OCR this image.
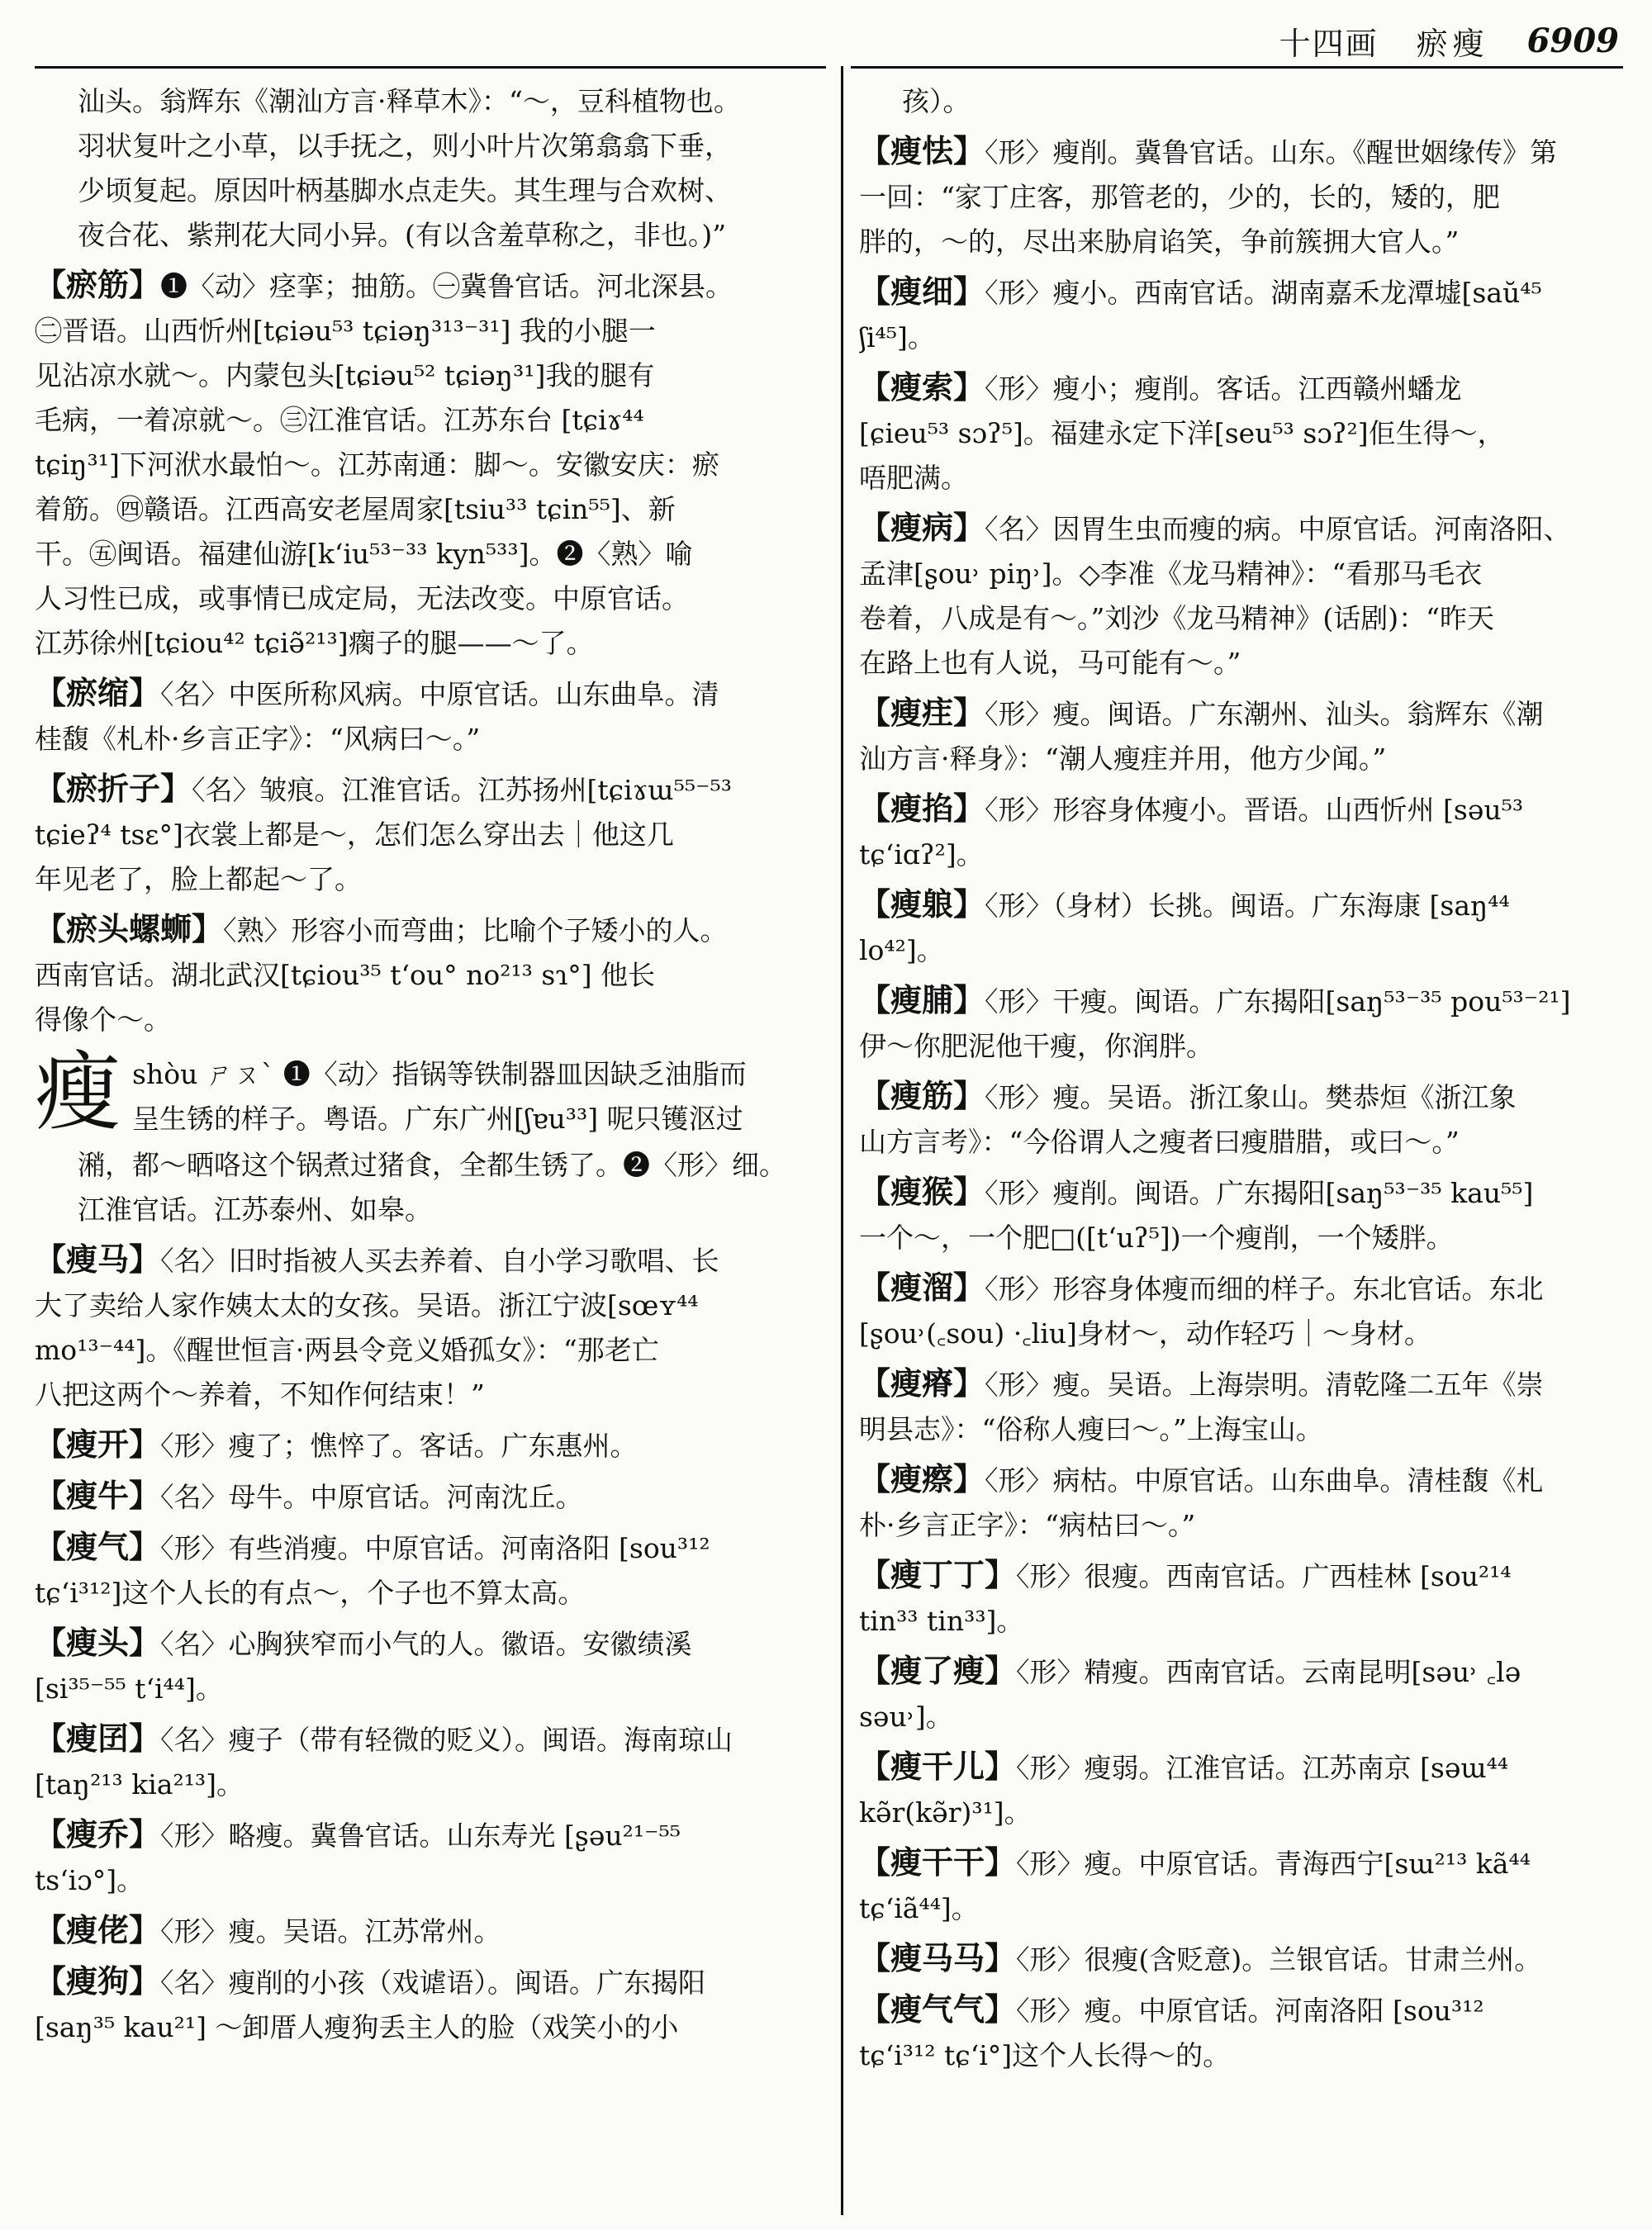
十四画 瘀瘦 6909
汕头。翁辉东《潮汕方言·释草木》：“～，豆科植物也。
羽状复叶之小草，以手抚之，则小叶片次第翕翕下垂，
少顷复起。原因叶柄基脚水点走失。其生理与合欢树、
夜合花、紫荆花大同小异。(有以含羞草称之，非也。)”
【瘀筋】❶〈动〉痉挛；抽筋。㊀冀鲁官话。河北深县。
㊁晋语。山西忻州[tɕiəu⁵³ tɕiəŋ³¹³⁻³¹] 我的小腿一
见沾凉水就～。内蒙包头[tɕiəu⁵² tɕiəŋ³¹]我的腿有
毛病，一着凉就～。㊂江淮官话。江苏东台 [tɕiɤ⁴⁴
tɕiŋ³¹]下河洑水最怕～。江苏南通：脚～。安徽安庆：瘀
着筋。㊃赣语。江西高安老屋周家[tsiu³³ tɕin⁵⁵]、新
干。㊄闽语。福建仙游[kʻiu⁵³⁻³³ kyn⁵³³]。❷〈熟〉喻
人习性已成，或事情已成定局，无法改变。中原官话。
江苏徐州[tɕiou⁴² tɕiə̃²¹³]瘸子的腿——～了。
【瘀缩】〈名〉中医所称风病。中原官话。山东曲阜。清
桂馥《札朴·乡言正字》：“风病曰～。”
【瘀折子】〈名〉皱痕。江淮官话。江苏扬州[tɕiɤɯ⁵⁵⁻⁵³
tɕieʔ⁴ tsɛ°]衣裳上都是～，怎们怎么穿出去｜他这几
年见老了，脸上都起～了。
【瘀头螺蛳】〈熟〉形容小而弯曲；比喻个子矮小的人。
西南官话。湖北武汉[tɕiou³⁵ tʻou° no²¹³ sɿ°] 他长
得像个～。
瘦 shòu ㄕㄡˋ ❶〈动〉指锅等铁制器皿因缺乏油脂而
呈生锈的样子。粤语。广东广州[ʃɐu³³] 呢只镬沤过
潲，都～晒咯这个锅煮过猪食，全都生锈了。❷〈形〉细。
江淮官话。江苏泰州、如皋。
【瘦马】〈名〉旧时指被人买去养着、自小学习歌唱、长
大了卖给人家作姨太太的女孩。吴语。浙江宁波[sœʏ⁴⁴
mo¹³⁻⁴⁴]。《醒世恒言·两县令竞义婚孤女》：“那老亡
八把这两个～养着，不知作何结束！”
【瘦开】〈形〉瘦了；憔悴了。客话。广东惠州。
【瘦牛】〈名〉母牛。中原官话。河南沈丘。
【瘦气】〈形〉有些消瘦。中原官话。河南洛阳 [sou³¹²
tɕʻi³¹²]这个人长的有点～，个子也不算太高。
【瘦头】〈名〉心胸狭窄而小气的人。徽语。安徽绩溪
[si³⁵⁻⁵⁵ tʻi⁴⁴]。
【瘦囝】〈名〉瘦子（带有轻微的贬义）。闽语。海南琼山
[taŋ²¹³ kia²¹³]。
【瘦乔】〈形〉略瘦。冀鲁官话。山东寿光 [ʂəu²¹⁻⁵⁵
tsʻiɔ°]。
【瘦佬】〈形〉瘦。吴语。江苏常州。
【瘦狗】〈名〉瘦削的小孩（戏谑语）。闽语。广东揭阳
[saŋ³⁵ kau²¹] ～卸厝人瘦狗丢主人的脸（戏笑小的小
孩）。
【瘦怯】〈形〉瘦削。冀鲁官话。山东。《醒世姻缘传》第
一回：“家丁庄客，那管老的，少的，长的，矮的，肥
胖的，～的，尽出来胁肩谄笑，争前簇拥大官人。”
【瘦细】〈形〉瘦小。西南官话。湖南嘉禾龙潭墟[saŭ⁴⁵
ʃi⁴⁵]。
【瘦索】〈形〉瘦小；瘦削。客话。江西赣州蟠龙
[ɕieu⁵³ sɔʔ⁵]。福建永定下洋[seu⁵³ sɔʔ²]佢生得～，
唔肥满。
【瘦病】〈名〉因胃生虫而瘦的病。中原官话。河南洛阳、
孟津[ʂou˒ piŋ˒]。◇李准《龙马精神》：“看那马毛衣
卷着，八成是有～。”刘沙《龙马精神》(话剧)：“昨天
在路上也有人说，马可能有～。”
【瘦疰】〈形〉瘦。闽语。广东潮州、汕头。翁辉东《潮
汕方言·释身》：“潮人瘦疰并用，他方少闻。”
【瘦掐】〈形〉形容身体瘦小。晋语。山西忻州 [səu⁵³
tɕʻiɑʔ²]。
【瘦躴】〈形〉（身材）长挑。闽语。广东海康 [saŋ⁴⁴
lo⁴²]。
【瘦脯】〈形〉干瘦。闽语。广东揭阳[saŋ⁵³⁻³⁵ pou⁵³⁻²¹]
伊～你肥泥他干瘦，你润胖。
【瘦筋】〈形〉瘦。吴语。浙江象山。樊恭烜《浙江象
山方言考》：“今俗谓人之瘦者曰瘦腊腊，或曰～。”
【瘦猴】〈形〉瘦削。闽语。广东揭阳[saŋ⁵³⁻³⁵ kau⁵⁵]
一个～，一个肥□([tʻuʔ⁵])一个瘦削，一个矮胖。
【瘦溜】〈形〉形容身体瘦而细的样子。东北官话。东北
[ʂou˒(꜀sou) ·꜀liu]身材～，动作轻巧｜～身材。
【瘦瘠】〈形〉瘦。吴语。上海崇明。清乾隆二五年《崇
明县志》：“俗称人瘦曰～。”上海宝山。
【瘦瘵】〈形〉病枯。中原官话。山东曲阜。清桂馥《札
朴·乡言正字》：“病枯曰～。”
【瘦丁丁】〈形〉很瘦。西南官话。广西桂林 [sou²¹⁴
tin³³ tin³³]。
【瘦了瘦】〈形〉精瘦。西南官话。云南昆明[səu˒ ꜀lə
səu˒]。
【瘦干儿】〈形〉瘦弱。江淮官话。江苏南京 [səɯ⁴⁴
kə̃r(kə̃r)³¹]。
【瘦干干】〈形〉瘦。中原官话。青海西宁[sɯ²¹³ kã⁴⁴
tɕʻiã⁴⁴]。
【瘦马马】〈形〉很瘦(含贬意)。兰银官话。甘肃兰州。
【瘦气气】〈形〉瘦。中原官话。河南洛阳 [sou³¹²
tɕʻi³¹² tɕʻi°]这个人长得～的。
